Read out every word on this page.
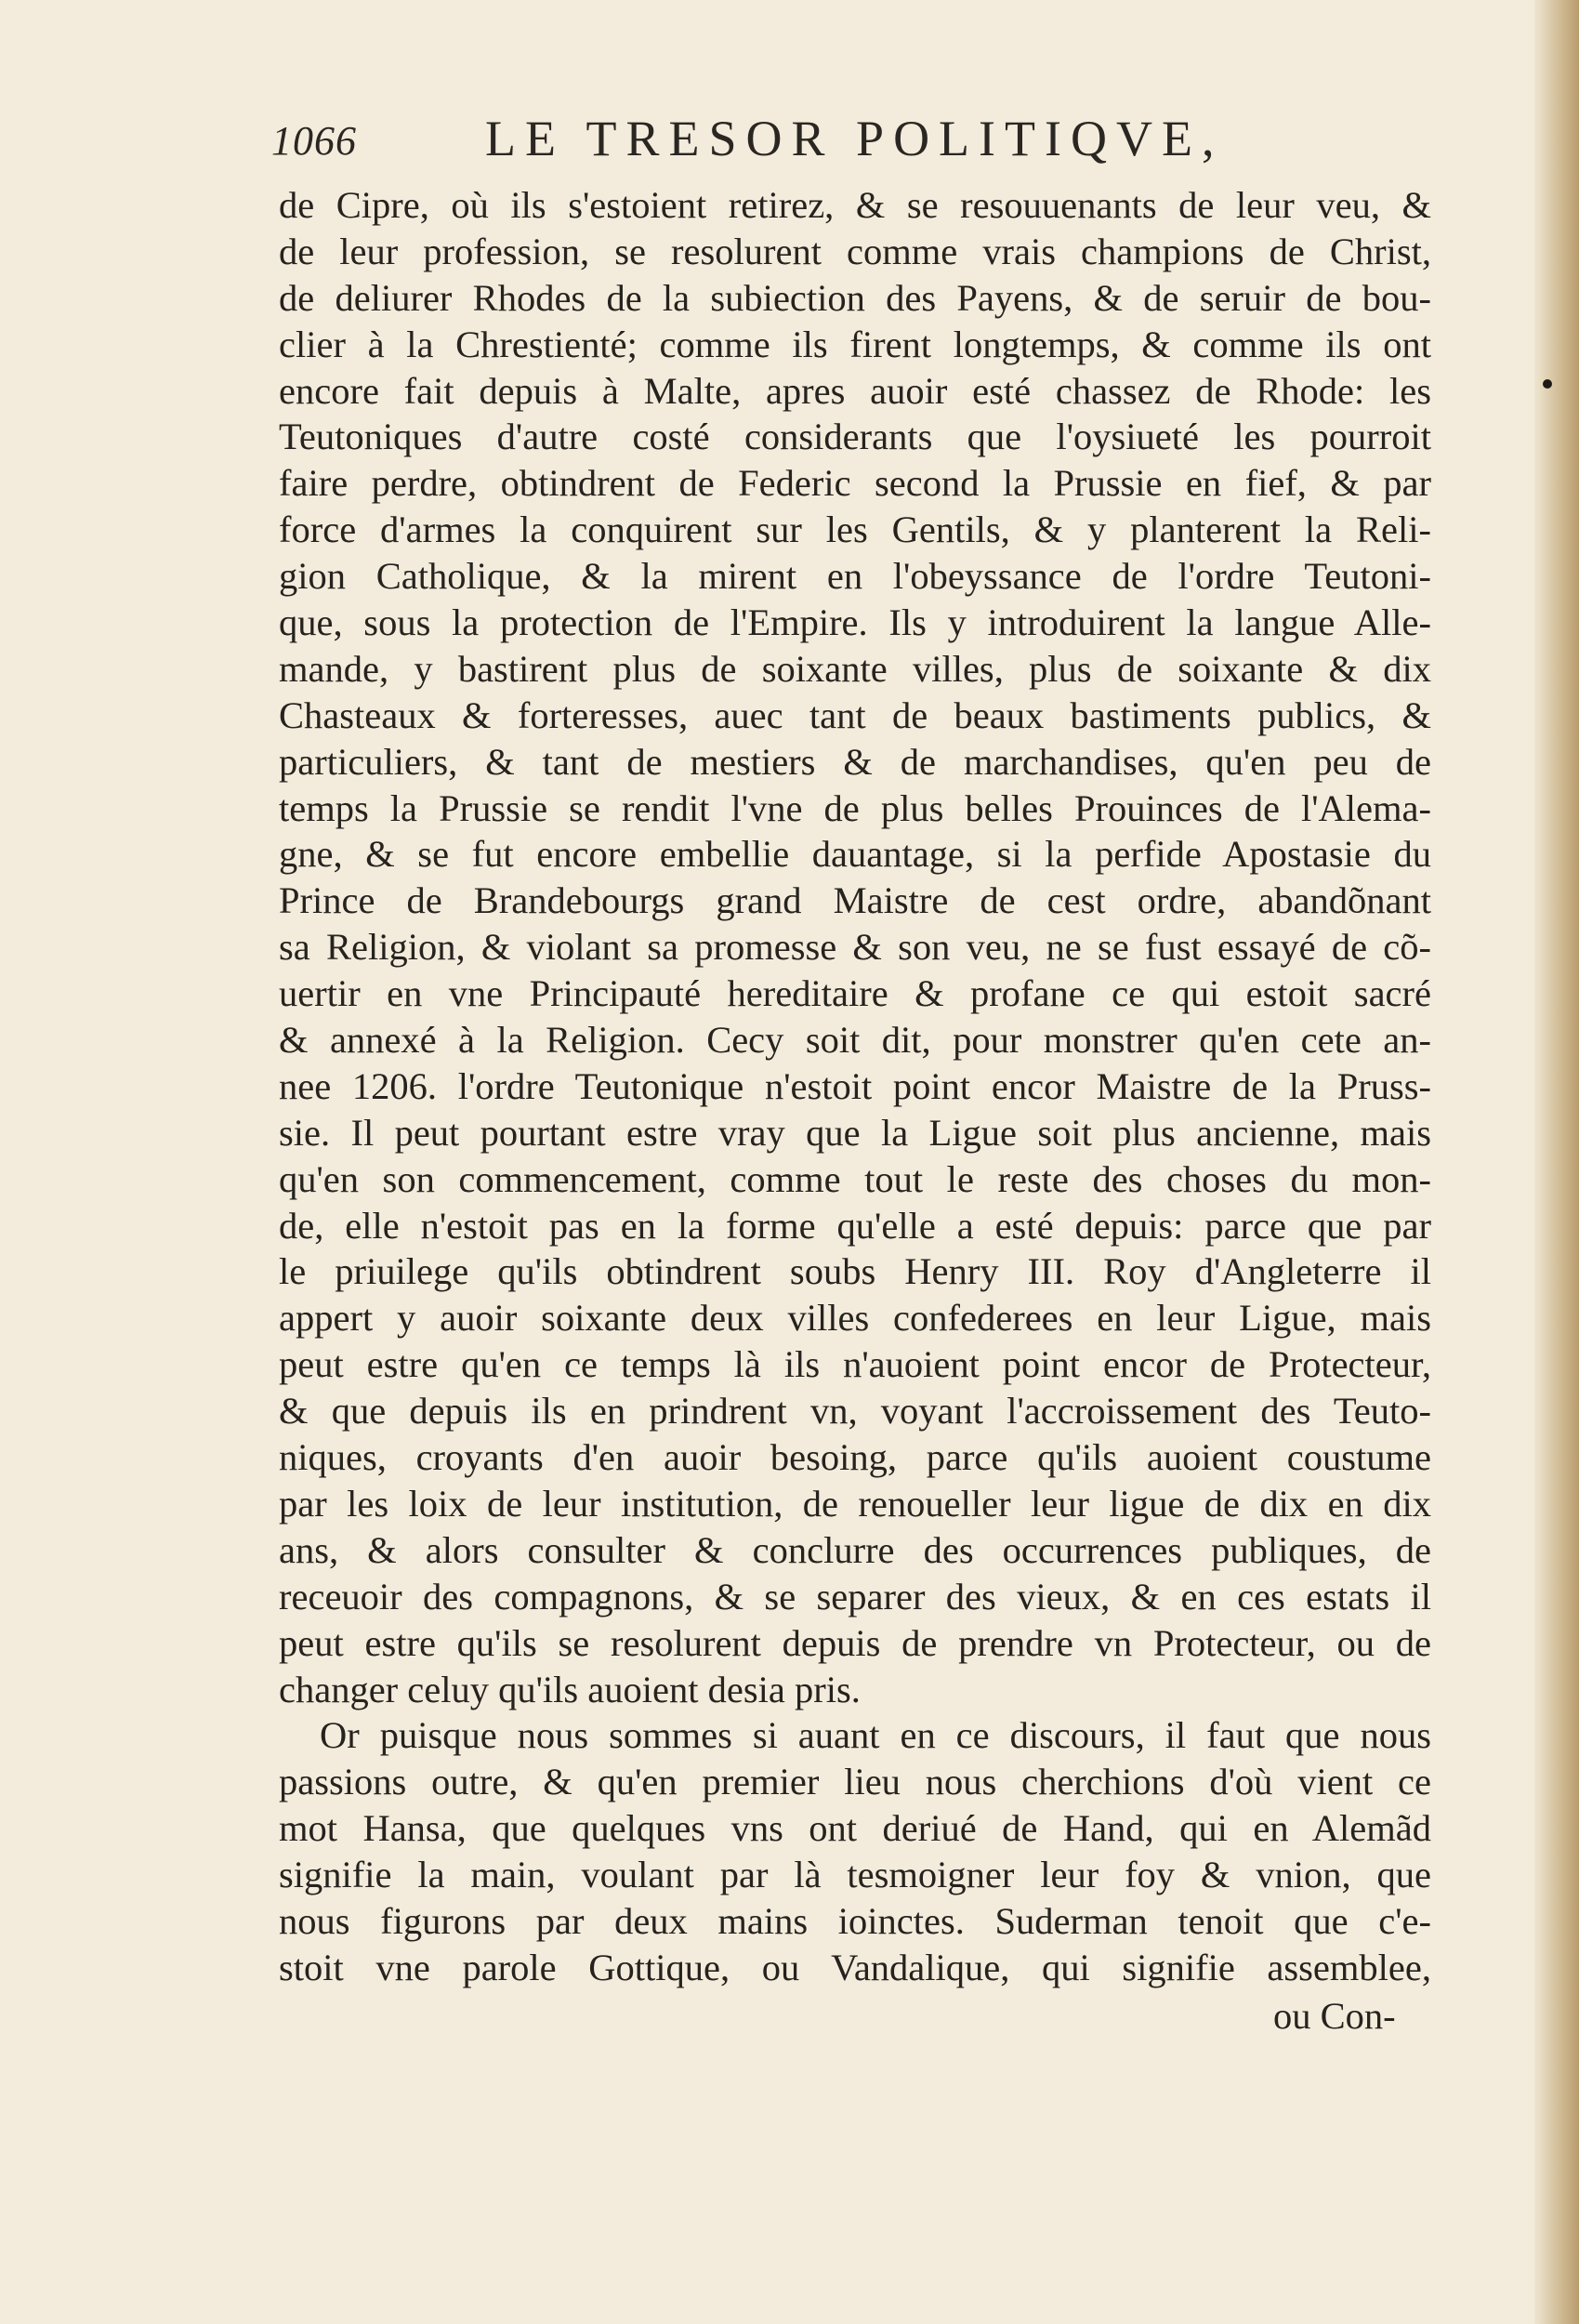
1066	LE TRESOR POLITIQVE,
de Cipre, où ils s'estoient retirez, & se resouuenants de leur veu, &
de leur profession, se resolurent comme vrais champions de Christ,
de deliurer Rhodes de la subiection des Payens, & de seruir de bou-
clier à la Chrestienté; comme ils firent longtemps, & comme ils ont
encore fait depuis à Malte, apres auoir esté chassez de Rhode: les
Teutoniques d'autre costé considerants que l'oysiueté les pourroit
faire perdre, obtindrent de Federic second la Prussie en fief, & par
force d'armes la conquirent sur les Gentils, & y planterent la Reli-
gion Catholique, & la mirent en l'obeyssance de l'ordre Teutoni-
que, sous la protection de l'Empire. Ils y introduirent la langue Alle-
mande, y bastirent plus de soixante villes, plus de soixante & dix
Chasteaux & forteresses, auec tant de beaux bastiments publics, &
particuliers, & tant de mestiers & de marchandises, qu'en peu de
temps la Prussie se rendit l'vne de plus belles Prouinces de l'Alema-
gne, & se fut encore embellie dauantage, si la perfide Apostasie du
Prince de Brandebourgs grand Maistre de cest ordre, abandõnant
sa Religion, & violant sa promesse & son veu, ne se fust essayé de cõ-
uertir en vne Principauté hereditaire & profane ce qui estoit sacré
& annexé à la Religion. Cecy soit dit, pour monstrer qu'en cete an-
nee 1206. l'ordre Teutonique n'estoit point encor Maistre de la Pruss-
sie. Il peut pourtant estre vray que la Ligue soit plus ancienne, mais
qu'en son commencement, comme tout le reste des choses du mon-
de, elle n'estoit pas en la forme qu'elle a esté depuis: parce que par
le priuilege qu'ils obtindrent soubs Henry III. Roy d'Angleterre il
appert y auoir soixante deux villes confederees en leur Ligue, mais
peut estre qu'en ce temps là ils n'auoient point encor de Protecteur,
& que depuis ils en prindrent vn, voyant l'accroissement des Teuto-
niques, croyants d'en auoir besoing, parce qu'ils auoient coustume
par les loix de leur institution, de renoueller leur ligue de dix en dix
ans, & alors consulter & conclurre des occurrences publiques, de
receuoir des compagnons, & se separer des vieux, & en ces estats il
peut estre qu'ils se resolurent depuis de prendre vn Protecteur, ou de
changer celuy qu'ils auoient desia pris.
Or puisque nous sommes si auant en ce discours, il faut que nous
passions outre, & qu'en premier lieu nous cherchions d'où vient ce
mot Hansa, que quelques vns ont deriué de Hand, qui en Alemãd
signifie la main, voulant par là tesmoigner leur foy & vnion, que
nous figurons par deux mains ioinctes. Suderman tenoit que c'e-
stoit vne parole Gottique, ou Vandalique, qui signifie assemblee,
ou Con-
